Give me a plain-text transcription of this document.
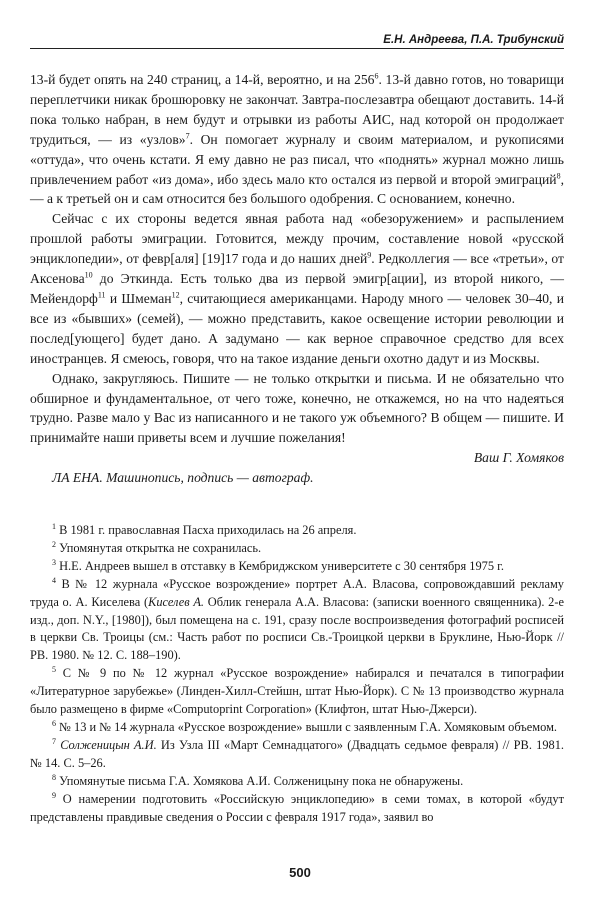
Е.Н. Андреева, П.А. Трибунский

13-й будет опять на 240 страниц, а 14-й, вероятно, и на $256^6$. 13-й давно готов, но товарищи переплетчики никак брошюровку не закончат. Завтра-послезавтра обещают доставить. 14-й пока только набран, в нем будут и отрывки из работы АИС, над которой он продолжает трудиться, — из «узлов»$^7$. Он помогает журналу и своим материалом, и рукописями «оттуда», что очень кстати. Я ему давно не раз писал, что «поднять» журнал можно лишь привлечением работ «из дома», ибо здесь мало кто остался из первой и второй эмиграций$^8$, — а к третьей он и сам относится без большого одобрения. С основанием, конечно.

Сейчас с их стороны ведется явная работа над «обезоружением» и распылением прошлой работы эмиграции. Готовится, между прочим, составление новой «русской энциклопедии», от февр[аля] [19]17 года и до наших дней$^9$. Редколлегия — все «третьи», от Аксенова$^{10}$ до Эткинда. Есть только два из первой эмигр[ации], из второй никого, — Мейендорф$^{11}$ и Шмеман$^{12}$, считающиеся американцами. Народу много — человек 30–40, и все из «бывших» (семей), — можно представить, какое освещение истории революции и послед[ующего] будет дано. А задумано — как верное справочное средство для всех иностранцев. Я смеюсь, говоря, что на такое издание деньги охотно дадут и из Москвы.

Однако, закругляюсь. Пишите — не только открытки и письма. И не обязательно что обширное и фундаментальное, от чего тоже, конечно, не откажемся, но на что надеяться трудно. Разве мало у Вас из написанного и не такого уж объемного? В общем — пишите. И принимайте наши приветы всем и лучшие пожелания!

Ваш Г. Хомяков

ЛА ЕНА. Машинопись, подпись — автограф.

$^1$ В 1981 г. православная Пасха приходилась на 26 апреля.

$^2$ Упомянутая открытка не сохранилась.

$^3$ Н.Е. Андреев вышел в отставку в Кембриджском университете с 30 сентября 1975 г.

$^4$ В № 12 журнала «Русское возрождение» портрет А.А. Власова, сопровождавший рекламу труда о. А. Киселева (Киселев А. Облик генерала А.А. Власова: (записки военного священника). 2-е изд., доп. N.Y., [1980]), был помещена на с. 191, сразу после воспроизведения фотографий росписей в церкви Св. Троицы (см.: Часть работ по росписи Св.-Троицкой церкви в Бруклине, Нью-Йорк // РВ. 1980. № 12. С. 188–190).

$^5$ С № 9 по № 12 журнал «Русское возрождение» набирался и печатался в типографии «Литературное зарубежье» (Линден-Хилл-Стейшн, штат Нью-Йорк). С № 13 производство журнала было размещено в фирме «Computoprint Corporation» (Клифтон, штат Нью-Джерси).

$^6$ № 13 и № 14 журнала «Русское возрождение» вышли с заявленным Г.А. Хомяковым объемом.

$^7$ Солженицын А.И. Из Узла III «Март Семнадцатого» (Двадцать седьмое февраля) // РВ. 1981. № 14. С. 5–26.

$^8$ Упомянутые письма Г.А. Хомякова А.И. Солженицыну пока не обнаружены.

$^9$ О намерении подготовить «Российскую энциклопедию» в семи томах, в которой «будут представлены правдивые сведения о России с февраля 1917 года», заявил во

500
